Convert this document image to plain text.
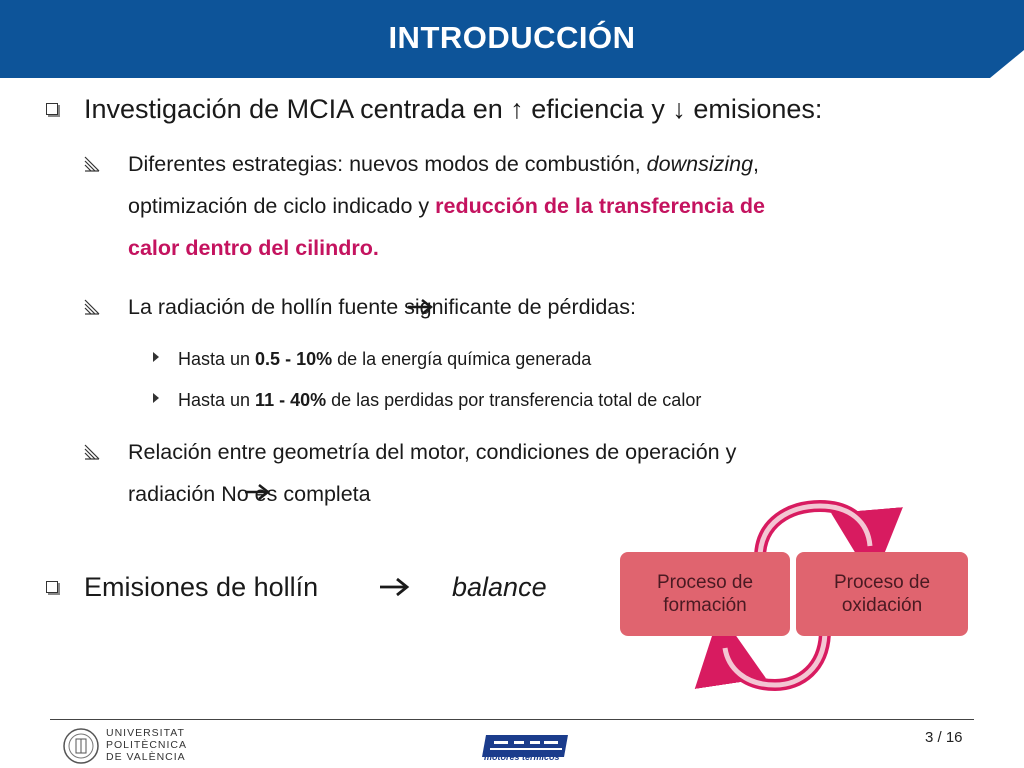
INTRODUCCIÓN
Investigación de MCIA centrada en ↑ eficiencia y ↓ emisiones:
Diferentes estrategias: nuevos modos de combustión, downsizing,
optimización de ciclo indicado y reducción de la transferencia de
calor dentro del cilindro.
La radiación de hollín fuente significante de pérdidas:
Hasta un 0.5 - 10% de la energía química generada
Hasta un 11 - 40% de las perdidas por transferencia total de calor
Relación entre geometría del motor, condiciones de operación y
radiación No es completa
Emisiones de hollín	balance	Proceso de formación
Proceso de oxidación
UNIVERSITAT
POLITÈCNICA
DE VALÈNCIA	motores térmicos
3 / 16
